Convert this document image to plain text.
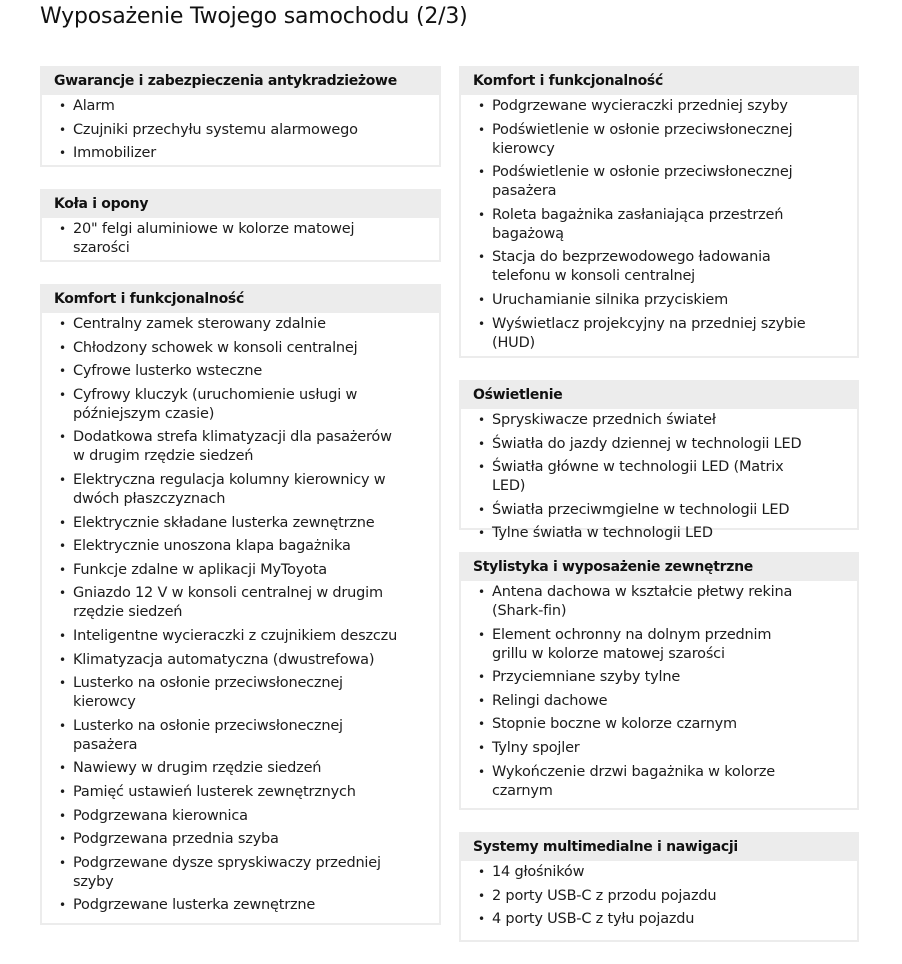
Wyposażenie Twojego samochodu (2/3)
Gwarancje i zabezpieczenia antykradzieżowe
• Alarm
• Czujniki przechyłu systemu alarmowego
• Immobilizer
Koła i opony
• 20" felgi aluminiowe w kolorze matowej szarości
Komfort i funkcjonalność
• Centralny zamek sterowany zdalnie
• Chłodzony schowek w konsoli centralnej
• Cyfrowe lusterko wsteczne
• Cyfrowy kluczyk (uruchomienie usługi w późniejszym czasie)
• Dodatkowa strefa klimatyzacji dla pasażerów w drugim rzędzie siedzeń
• Elektryczna regulacja kolumny kierownicy w dwóch płaszczyznach
• Elektrycznie składane lusterka zewnętrzne
• Elektrycznie unoszona klapa bagażnika
• Funkcje zdalne w aplikacji MyToyota
• Gniazdo 12 V w konsoli centralnej w drugim rzędzie siedzeń
• Inteligentne wycieraczki z czujnikiem deszczu
• Klimatyzacja automatyczna (dwustrefowa)
• Lusterko na osłonie przeciwsłonecznej kierowcy
• Lusterko na osłonie przeciwsłonecznej pasażera
• Nawiewy w drugim rzędzie siedzeń
• Pamięć ustawień lusterek zewnętrznych
• Podgrzewana kierownica
• Podgrzewana przednia szyba
• Podgrzewane dysze spryskiwaczy przedniej szyby
• Podgrzewane lusterka zewnętrzne
Komfort i funkcjonalność
• Podgrzewane wycieraczki przedniej szyby
• Podświetlenie w osłonie przeciwsłonecznej kierowcy
• Podświetlenie w osłonie przeciwsłonecznej pasażera
• Roleta bagażnika zasłaniająca przestrzeń bagażową
• Stacja do bezprzewodowego ładowania telefonu w konsoli centralnej
• Uruchamianie silnika przyciskiem
• Wyświetlacz projekcyjny na przedniej szybie (HUD)
Oświetlenie
• Spryskiwacze przednich świateł
• Światła do jazdy dziennej w technologii LED
• Światła główne w technologii LED (Matrix LED)
• Światła przeciwmgielne w technologii LED
• Tylne światła w technologii LED
Stylistyka i wyposażenie zewnętrzne
• Antena dachowa w kształcie płetwy rekina (Shark-fin)
• Element ochronny na dolnym przednim grillu w kolorze matowej szarości
• Przyciemniane szyby tylne
• Relingi dachowe
• Stopnie boczne w kolorze czarnym
• Tylny spojler
• Wykończenie drzwi bagażnika w kolorze czarnym
Systemy multimedialne i nawigacji
• 14 głośników
• 2 porty USB-C z przodu pojazdu
• 4 porty USB-C z tyłu pojazdu
